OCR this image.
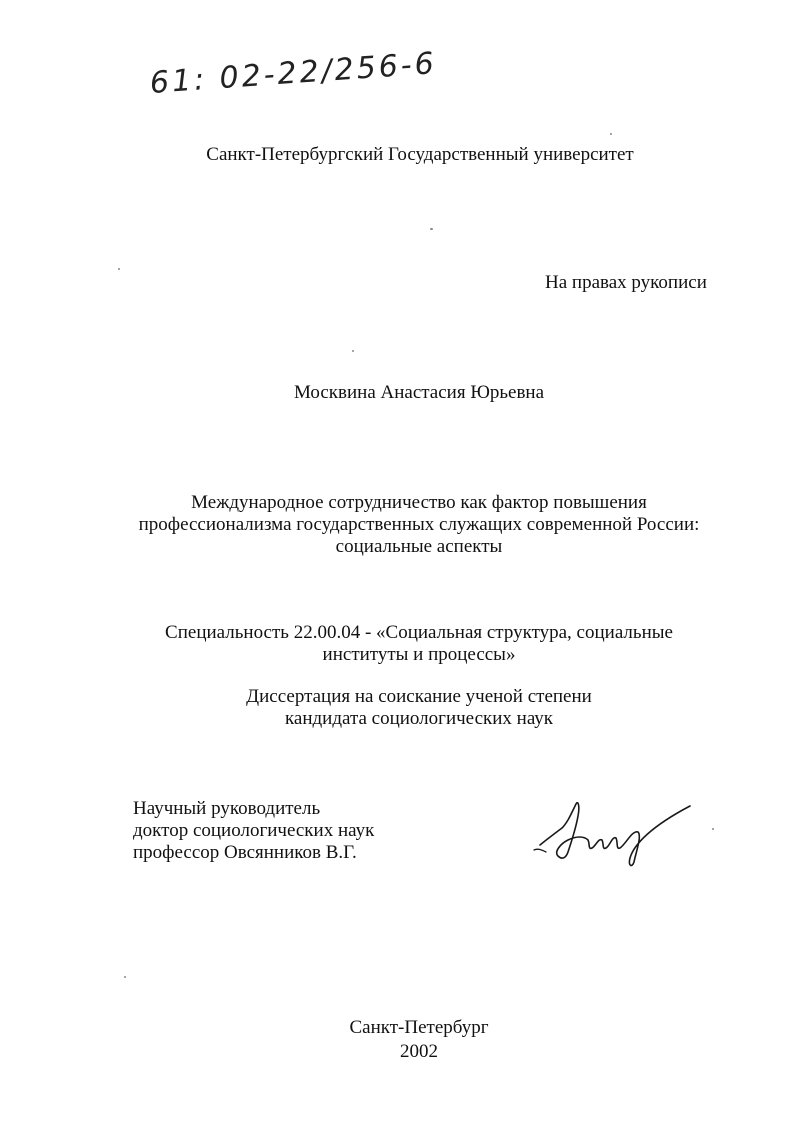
61: 02-22/256-6
Санкт-Петербургский Государственный университет
На правах рукописи
Москвина Анастасия Юрьевна
Международное сотрудничество как фактор повышения
профессионализма государственных служащих современной России:
социальные аспекты
Специальность 22.00.04 - «Социальная структура, социальные
институты и процессы»
Диссертация на соискание ученой степени
кандидата социологических наук
Научный руководитель
доктор социологических наук
профессор Овсянников В.Г.
Санкт-Петербург
2002
